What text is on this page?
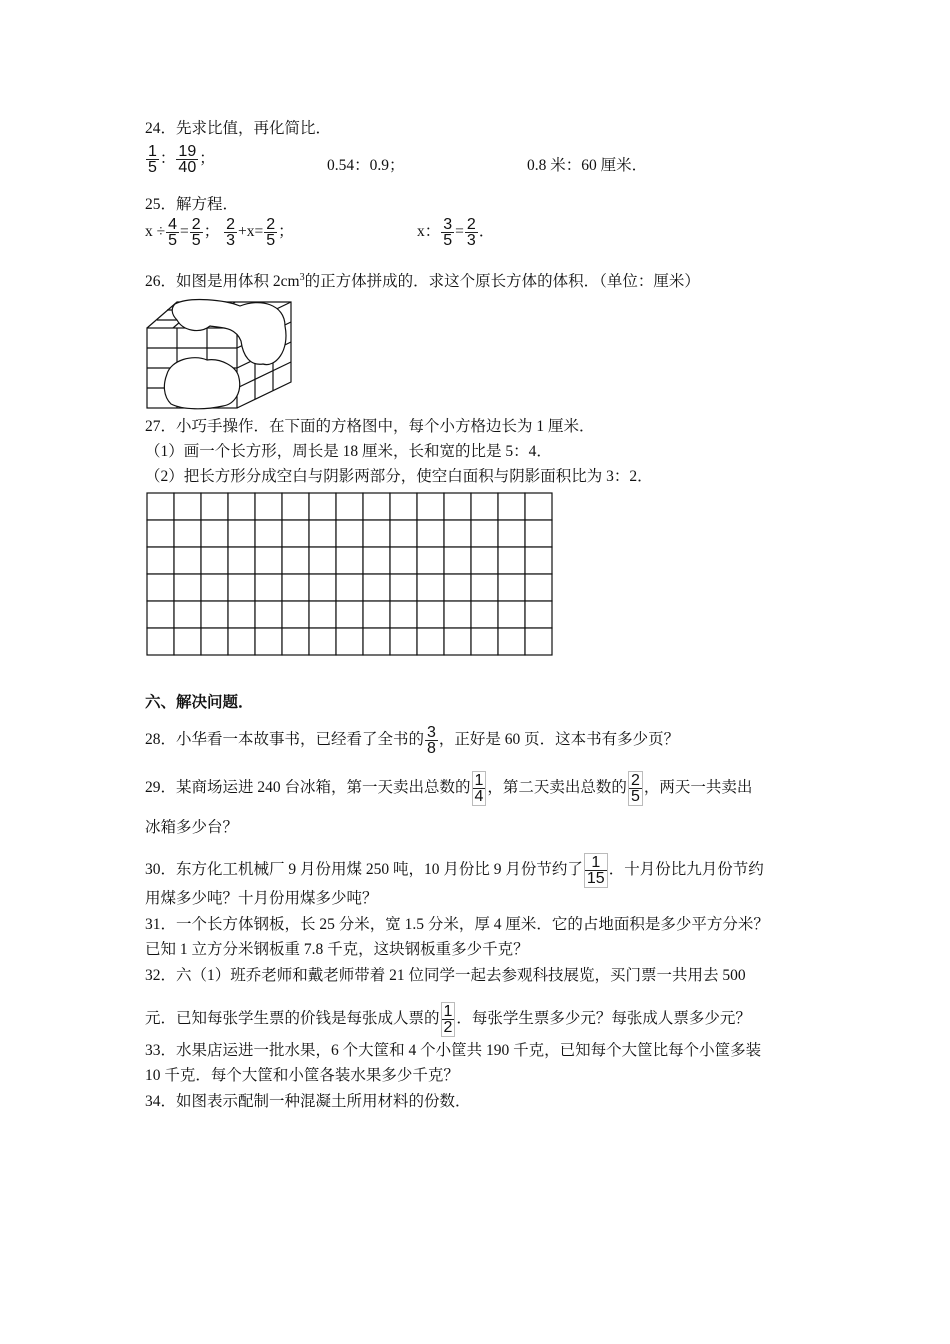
24．先求比值，再化简比．
$\frac{1}{5}$ ： $\frac{19}{40}$ ；	0.54：0.9；	0.8 米：60 厘米．
25．解方程．
$x \div \frac{4}{5} = \frac{2}{5}$ ； $\frac{2}{3} +x= \frac{2}{5}$ ；	x： $\frac{3}{5} = \frac{2}{3}$ ．
26．如图是用体积 $2cm^3$的正方体拼成的．求这个原长方体的体积．（单位：厘米）
27．小巧手操作．在下面的方格图中，每个小方格边长为 1 厘米．
（1）画一个长方形，周长是 18 厘米，长和宽的比是 5：4．
（2）把长方形分成空白与阴影两部分，使空白面积与阴影面积比为 3：2．
六、解决问题．
28．小华看一本故事书，已经看了全书的 $\frac{3}{8}$ ，正好是 60 页．这本书有多少页？
29．某商场运进 240 台冰箱，第一天卖出总数的 $\frac{1}{4}$ ，第二天卖出总数的 $\frac{2}{5}$ ，两天一共卖出
冰箱多少台？
30．东方化工机械厂 9 月份用煤 250 吨，10 月份比 9 月份节约了 $\frac{1}{15}$ ．十月份比九月份节约
用煤多少吨？十月份用煤多少吨？
31．一个长方体钢板，长 25 分米，宽 1.5 分米，厚 4 厘米．它的占地面积是多少平方分米？
已知 1 立方分米钢板重 7.8 千克，这块钢板重多少千克？
32．六（1）班乔老师和戴老师带着 21 位同学一起去参观科技展览，买门票一共用去 500
元．已知每张学生票的价钱是每张成人票的 $\frac{1}{2}$ ．每张学生票多少元？每张成人票多少元？
33．水果店运进一批水果，6 个大筐和 4 个小筐共 190 千克，已知每个大筐比每个小筐多装
10 千克．每个大筐和小筐各装水果多少千克？
34．如图表示配制一种混凝土所用材料的份数．
